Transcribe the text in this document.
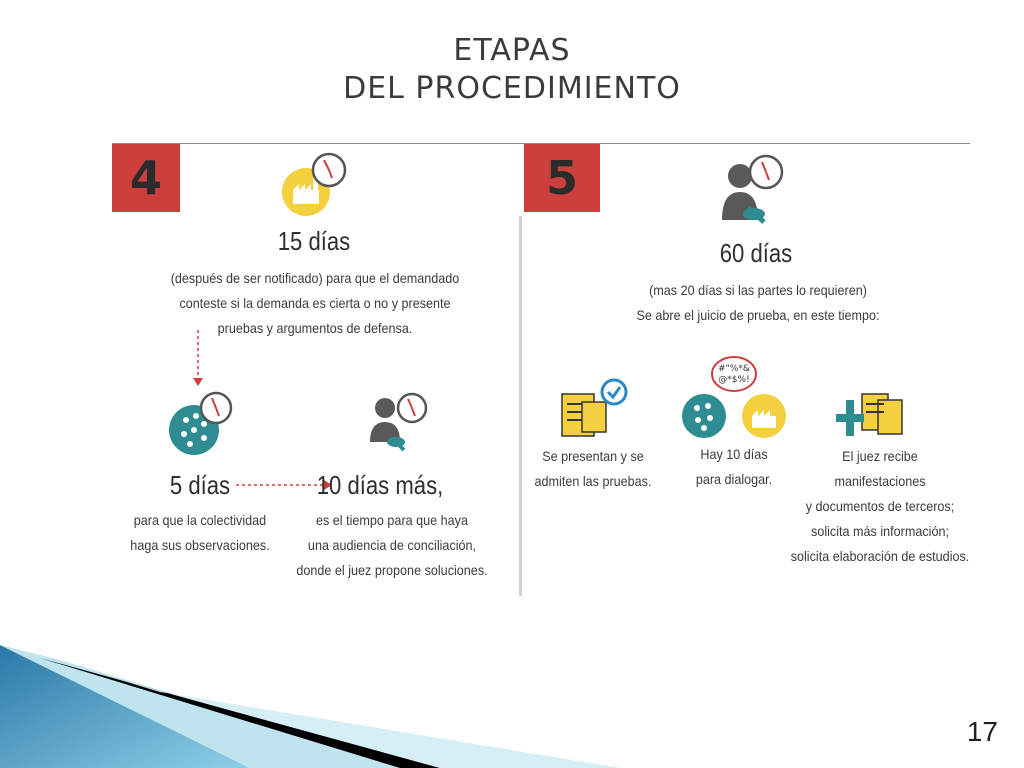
ETAPAS
DEL PROCEDIMIENTO
4
15 días
(después de ser notificado) para que el demandado
conteste si la demanda es cierta o no y presente
pruebas y argumentos de defensa.
5 días
para que la colectividad
haga sus observaciones.
10 días más,
es el tiempo para que haya
una audiencia de conciliación,
donde el juez propone soluciones.
5
60 días
(mas 20 días si las partes lo requieren)
Se abre el juicio de prueba, en este tiempo:
#"%*&
@*$%!
Se presentan y se
admiten las pruebas.
Hay 10 días
para dialogar.
El juez recibe
manifestaciones
y documentos de terceros;
solicita más información;
solicita elaboración de estudios.
17
